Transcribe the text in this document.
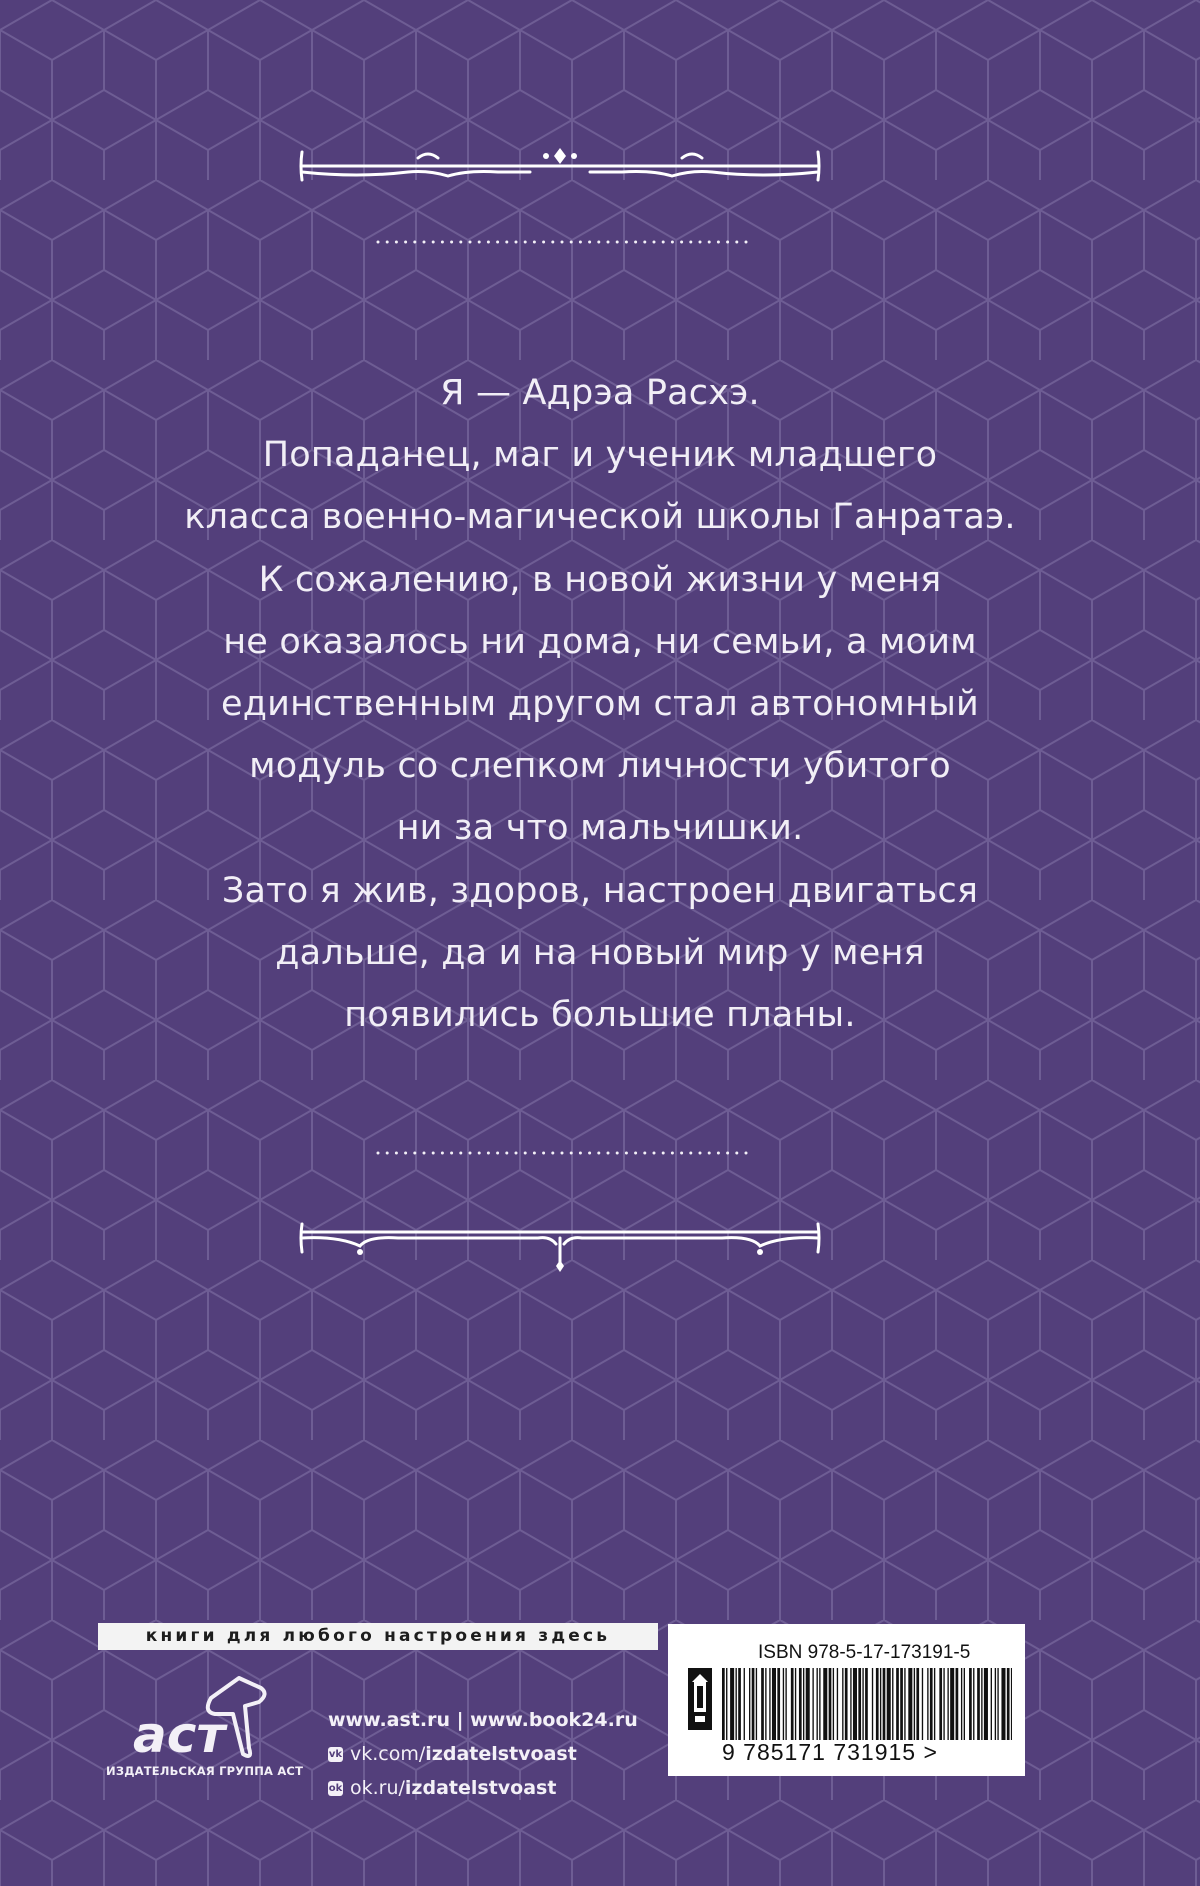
Я — Адрэа Расхэ.

Попаданец, маг и ученик младшего

класса военно-магической школы Ганратаэ.

К сожалению, в новой жизни у меня

не оказалось ни дома, ни семьи, а моим

единственным другом стал автономный

модуль со слепком личности убитого

ни за что мальчишки.

Зато я жив, здоров, настроен двигаться

дальше, да и на новый мир у меня

появились большие планы.

книги для любого настроения здесь
аст
ИЗДАТЕЛЬСКАЯ ГРУППА АСТ
www.ast.ru | www.book24.ru
vk vk.com/ izdatelstvoast
ok ok.ru/ izdatelstvoast
ISBN 978-5-17-173191-5
9 785171 731915 >
